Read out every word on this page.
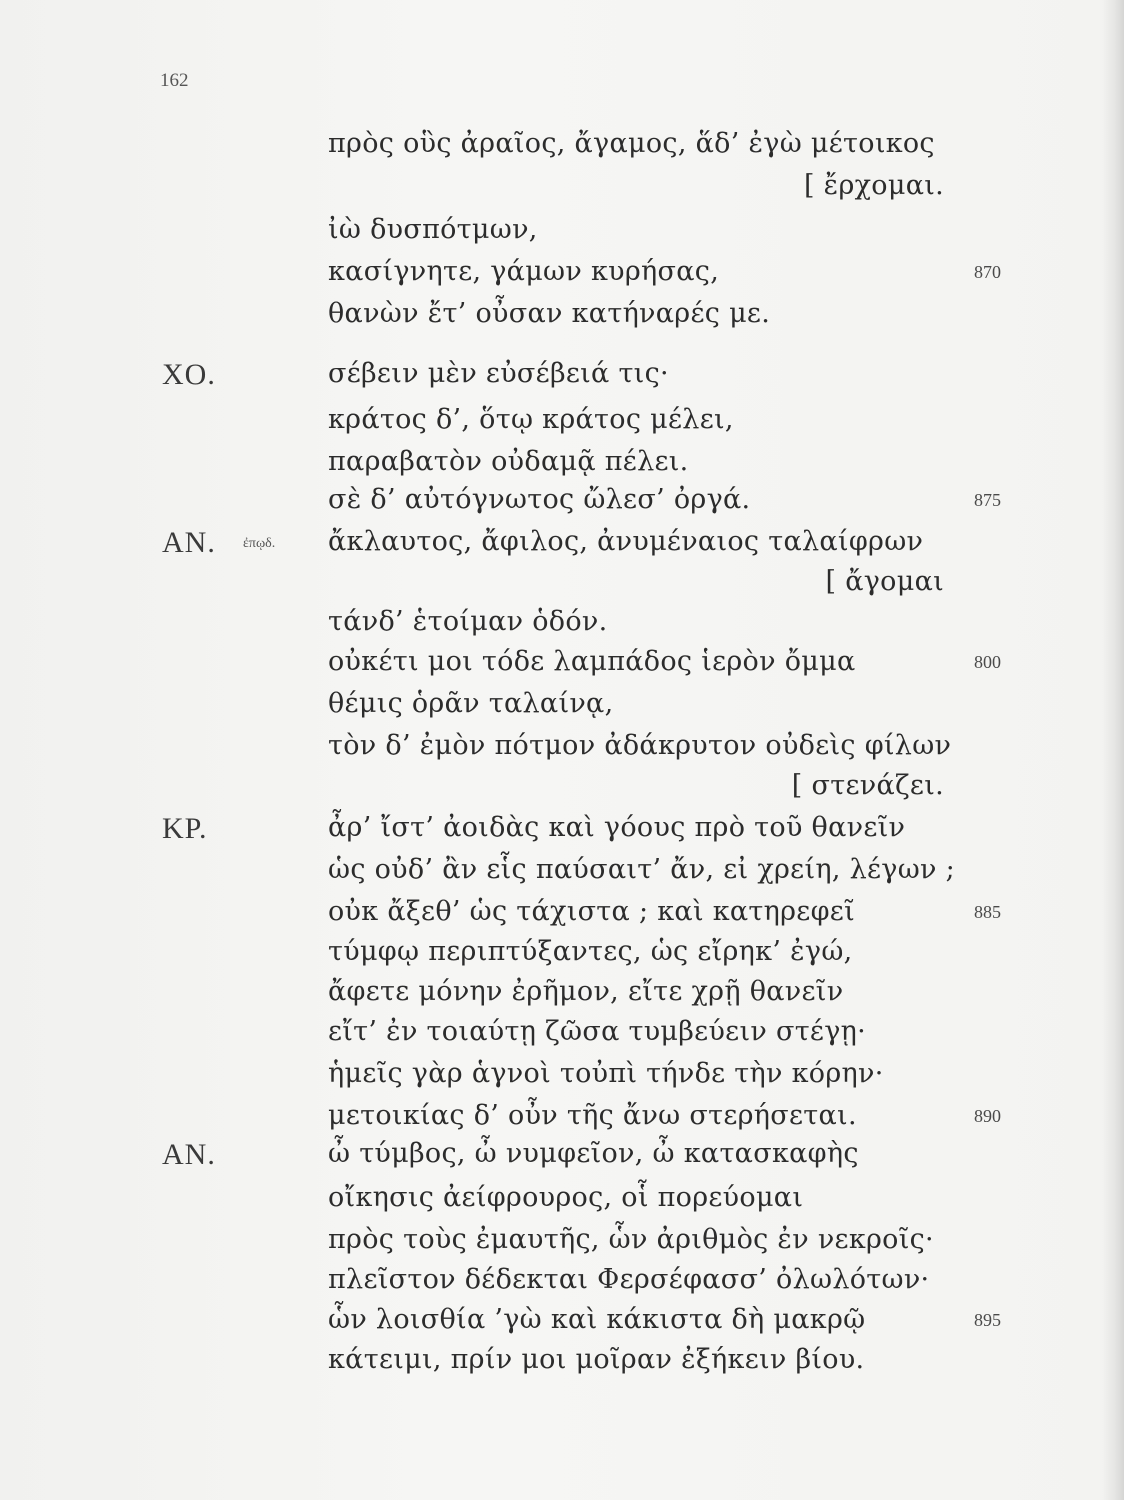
162
πρὸς οὓς ἀραῖος, ἄγαμος, ἅδ’ ἐγὼ μέτοικος
[ ἔρχομαι.
ἰὼ δυσπότμων,
κασίγνητε, γάμων κυρήσας,	870
θανὼν ἔτ’ οὖσαν κατήναρές με.
ΧΟ.	σέβειν μὲν εὐσέβειά τις·
κράτος δ’, ὅτῳ κράτος μέλει,
παραβατὸν οὐδαμᾷ πέλει.
σὲ δ’ αὐτόγνωτος ὤλεσ’ ὀργά.	875
ΑΝ. ἐπῳδ. ἄκλαυτος, ἄφιλος, ἀνυμέναιος ταλαίφρων
[ ἄγομαι
τάνδ’ ἑτοίμαν ὁδόν.
οὐκέτι μοι τόδε λαμπάδος ἱερὸν ὄμμα	800
θέμις ὁρᾶν ταλαίνᾳ,
τὸν δ’ ἐμὸν πότμον ἀδάκρυτον οὐδεὶς φίλων
[ στενάζει.
ΚΡ.	ἆρ’ ἴστ’ ἀοιδὰς καὶ γόους πρὸ τοῦ θανεῖν
ὡς οὐδ’ ἂν εἷς παύσαιτ’ ἄν, εἰ χρείη, λέγων ;
οὐκ ἄξεθ’ ὡς τάχιστα ; καὶ κατηρεφεῖ	885
τύμφῳ περιπτύξαντες, ὡς εἴρηκ’ ἐγώ,
ἄφετε μόνην ἐρῆμον, εἴτε χρῇ θανεῖν
εἴτ’ ἐν τοιαύτῃ ζῶσα τυμβεύειν στέγῃ·
ἡμεῖς γὰρ ἁγνοὶ τοὐπὶ τήνδε τὴν κόρην·
μετοικίας δ’ οὖν τῆς ἄνω στερήσεται.	890
ΑΝ.	ὦ τύμβος, ὦ νυμφεῖον, ὦ κατασκαφὴς
οἴκησις ἀείφρουρος, οἷ πορεύομαι
πρὸς τοὺς ἐμαυτῆς, ὧν ἀριθμὸς ἐν νεκροῖς·
πλεῖστον δέδεκται Φερσέφασσ’ ὀλωλότων·
ὧν λοισθία ’γὼ καὶ κάκιστα δὴ μακρῷ	895
κάτειμι, πρίν μοι μοῖραν ἐξήκειν βίου.
